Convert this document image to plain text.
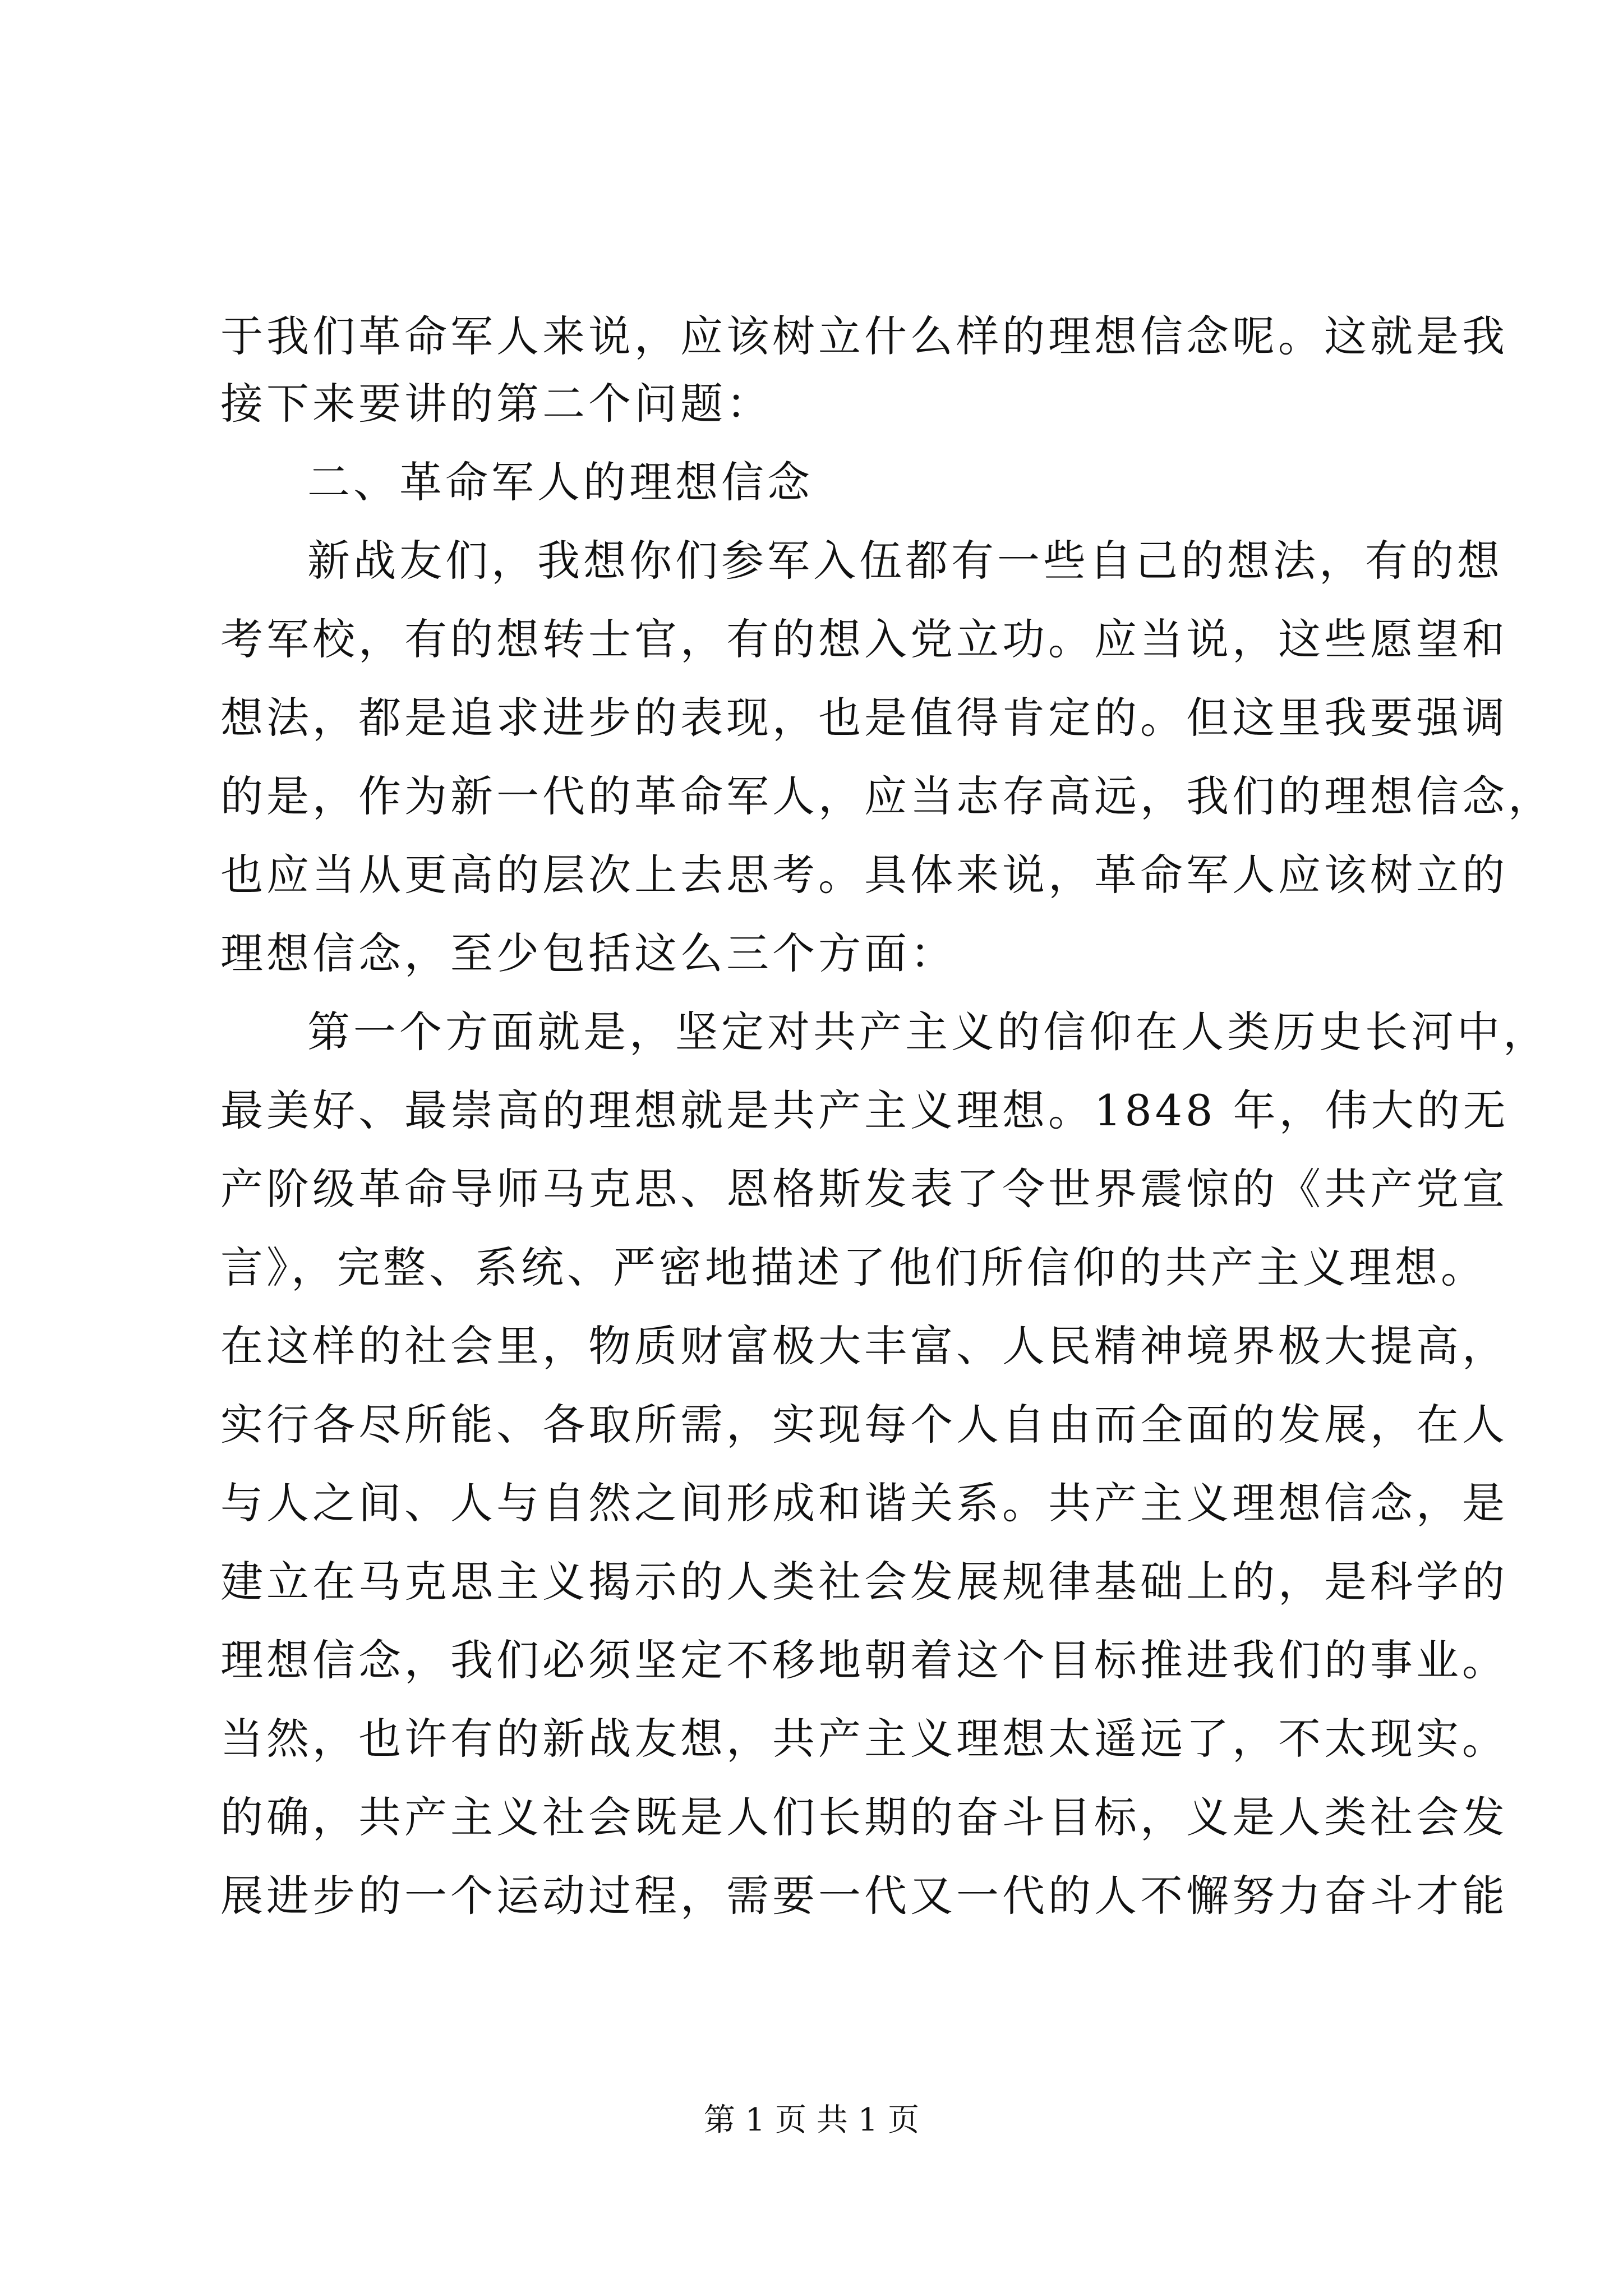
于我们革命军人来说，应该树立什么样的理想信念呢。这就是我
接下来要讲的第二个问题：
二、革命军人的理想信念
新战友们，我想你们参军入伍都有一些自己的想法，有的想
考军校，有的想转士官，有的想入党立功。应当说，这些愿望和
想法，都是追求进步的表现，也是值得肯定的。但这里我要强调
的是，作为新一代的革命军人，应当志存高远，我们的理想信念，
也应当从更高的层次上去思考。具体来说，革命军人应该树立的
理想信念，至少包括这么三个方面：
第一个方面就是，坚定对共产主义的信仰在人类历史长河中，
最美好、最崇高的理想就是共产主义理想。1848 年，伟大的无
产阶级革命导师马克思、恩格斯发表了令世界震惊的《共产党宣
言》，完整、系统、严密地描述了他们所信仰的共产主义理想。
在这样的社会里，物质财富极大丰富、人民精神境界极大提高，
实行各尽所能、各取所需，实现每个人自由而全面的发展，在人
与人之间、人与自然之间形成和谐关系。共产主义理想信念，是
建立在马克思主义揭示的人类社会发展规律基础上的，是科学的
理想信念，我们必须坚定不移地朝着这个目标推进我们的事业。
当然，也许有的新战友想，共产主义理想太遥远了，不太现实。
的确，共产主义社会既是人们长期的奋斗目标，义是人类社会发
展进步的一个运动过程，需要一代又一代的人不懈努力奋斗才能
第 1 页 共 1 页
